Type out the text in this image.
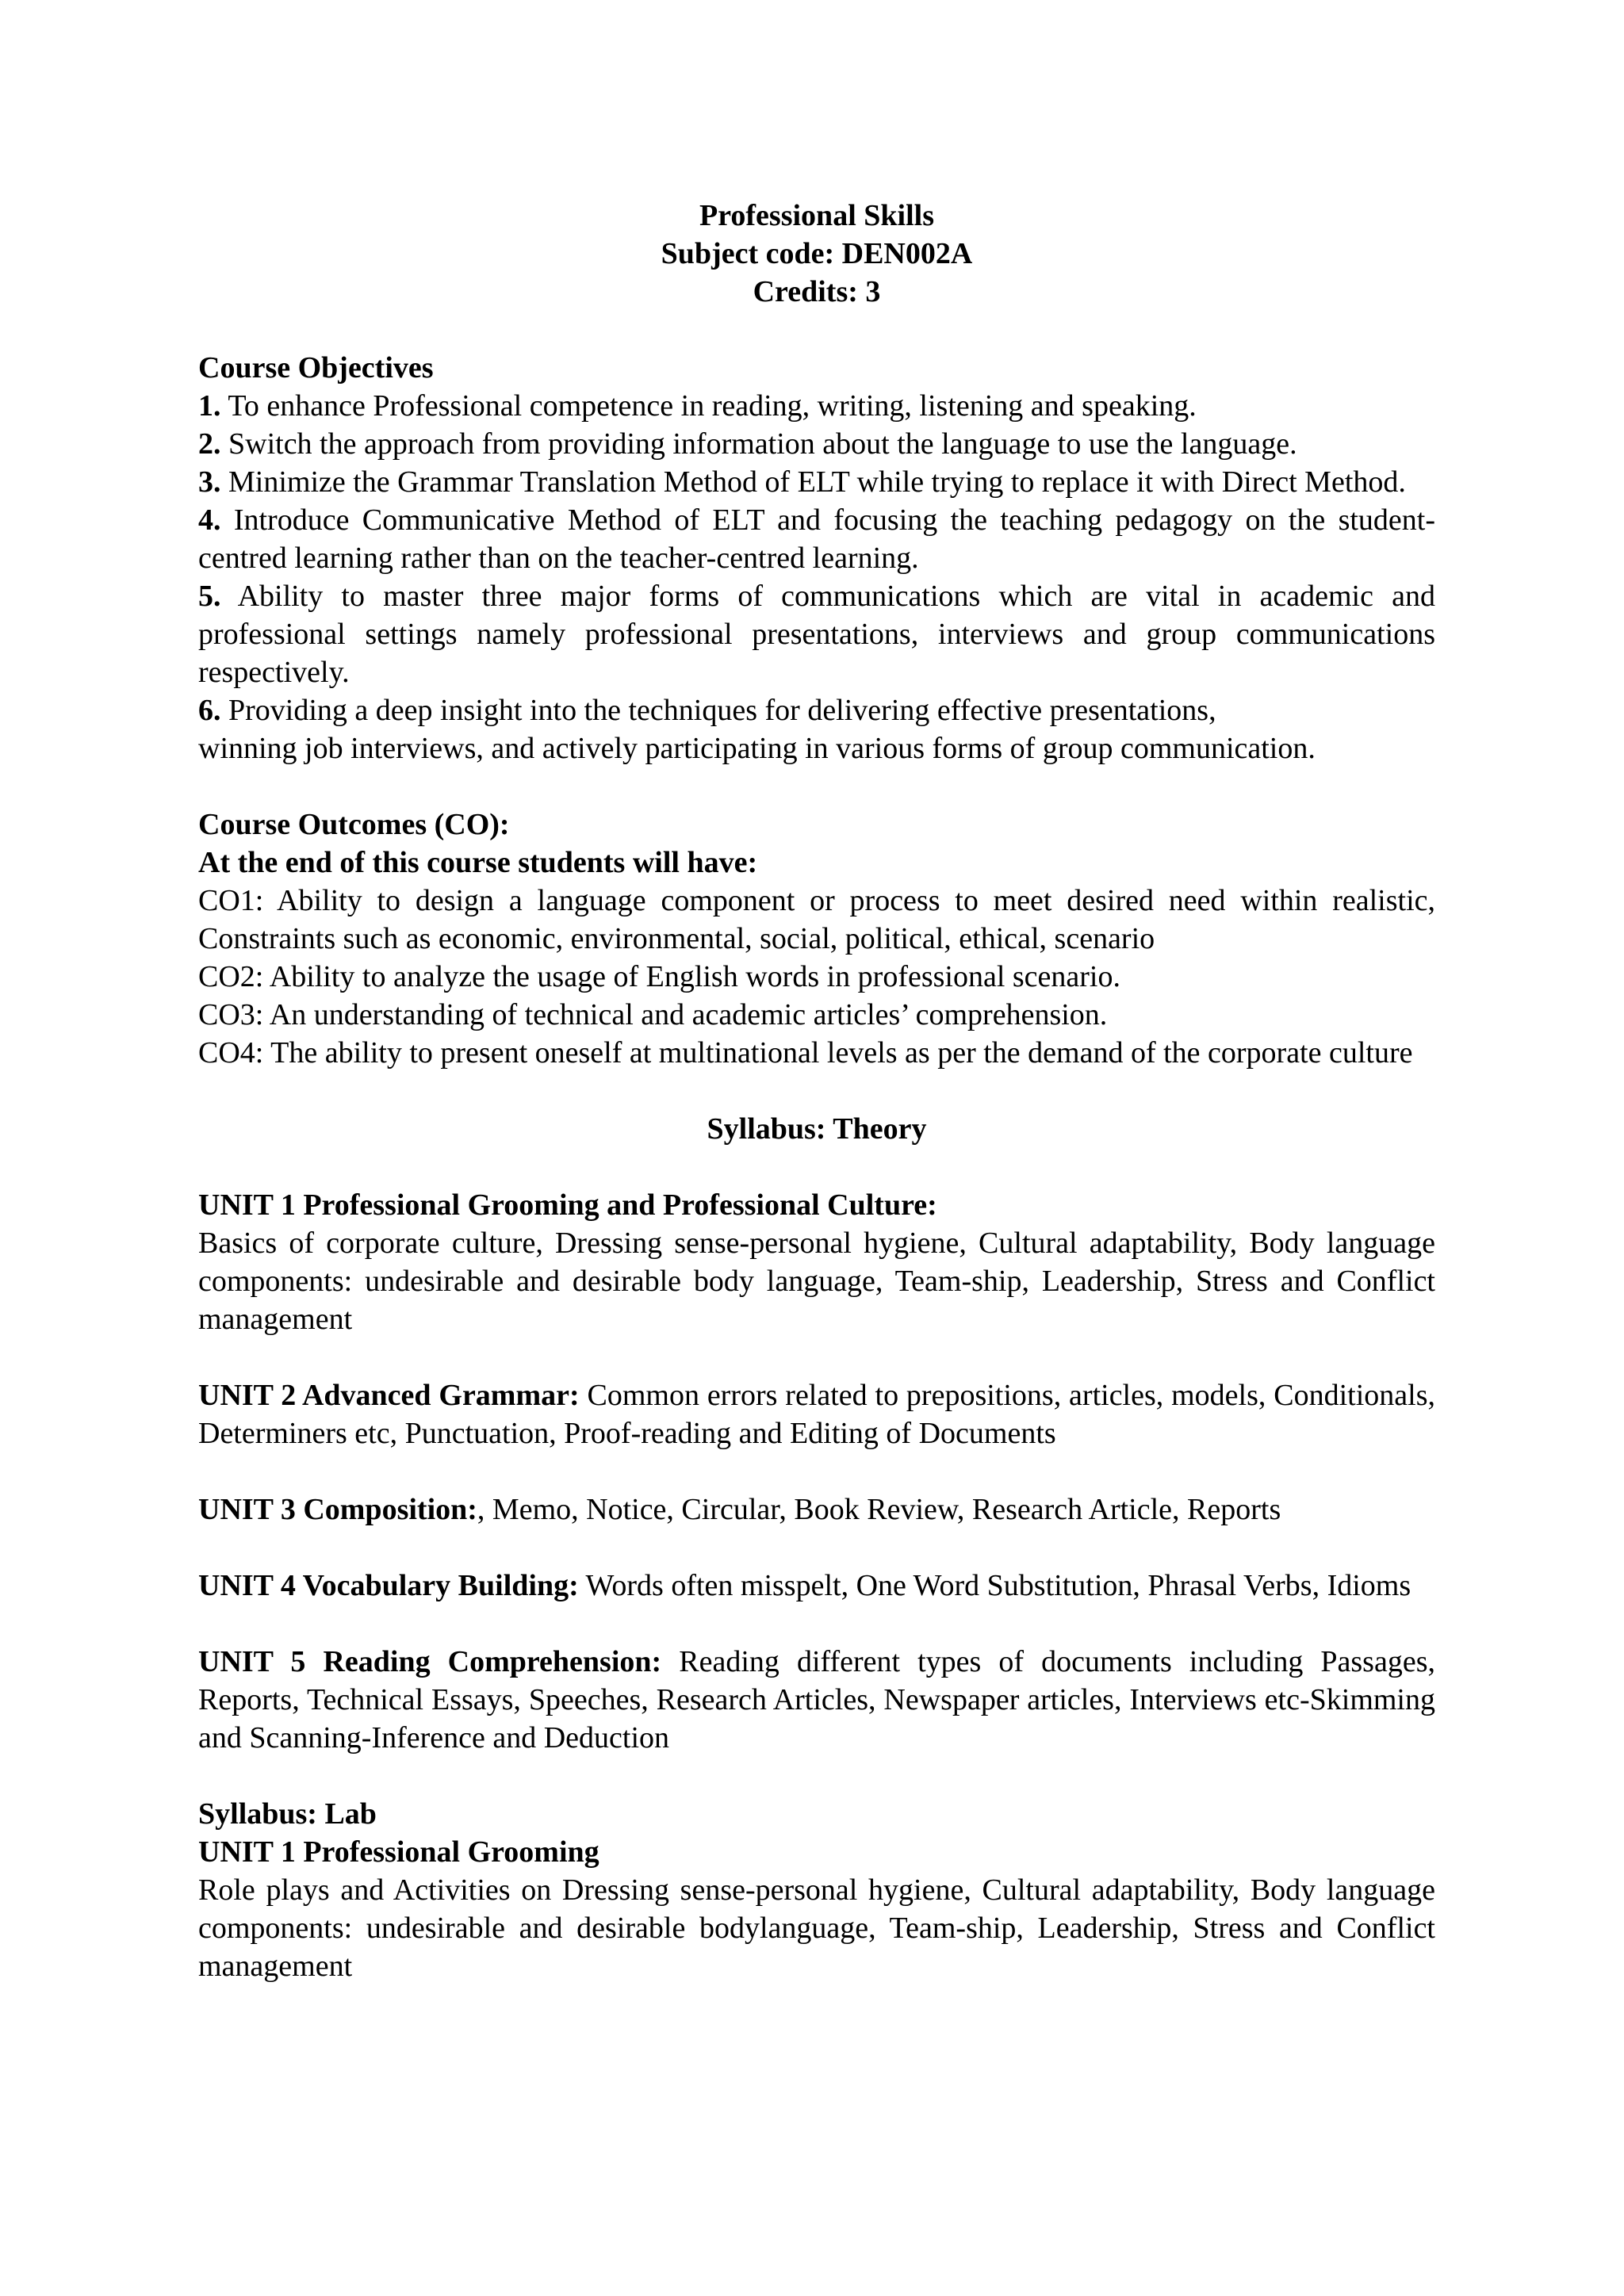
Professional Skills
Subject code: DEN002A
Credits: 3
Course Objectives

1. To enhance Professional competence in reading, writing, listening and speaking.

2. Switch the approach from providing information about the language to use the language.

3. Minimize the Grammar Translation Method of ELT while trying to replace it with Direct Method.

4. Introduce Communicative Method of ELT and focusing the teaching pedagogy on the student-centred learning rather than on the teacher-centred learning.

5. Ability to master three major forms of communications which are vital in academic and professional settings namely professional presentations, interviews and group communications respectively.

6. Providing a deep insight into the techniques for delivering effective presentations,

winning job interviews, and actively participating in various forms of group communication.

Course Outcomes (CO):
At the end of this course students will have:

CO1: Ability to design a language component or process to meet desired need within realistic, Constraints such as economic, environmental, social, political, ethical, scenario

CO2: Ability to analyze the usage of English words in professional scenario.

CO3: An understanding of technical and academic articles’ comprehension.

CO4: The ability to present oneself at multinational levels as per the demand of the corporate culture

Syllabus: Theory
UNIT 1 Professional Grooming and Professional Culture:

Basics of corporate culture, Dressing sense-personal hygiene, Cultural adaptability, Body language components: undesirable and desirable body language, Team-ship, Leadership, Stress and Conflict management

UNIT 2 Advanced Grammar: Common errors related to prepositions, articles, models, Conditionals, Determiners etc, Punctuation, Proof-reading and Editing of Documents

UNIT 3 Composition:, Memo, Notice, Circular, Book Review, Research Article, Reports

UNIT 4 Vocabulary Building: Words often misspelt, One Word Substitution, Phrasal Verbs, Idioms

UNIT 5 Reading Comprehension: Reading different types of documents including Passages, Reports, Technical Essays, Speeches, Research Articles, Newspaper articles, Interviews etc-Skimming and Scanning-Inference and Deduction

Syllabus: Lab
UNIT 1 Professional Grooming

Role plays and Activities on Dressing sense-personal hygiene, Cultural adaptability, Body language components: undesirable and desirable bodylanguage, Team-ship, Leadership, Stress and Conflict management
